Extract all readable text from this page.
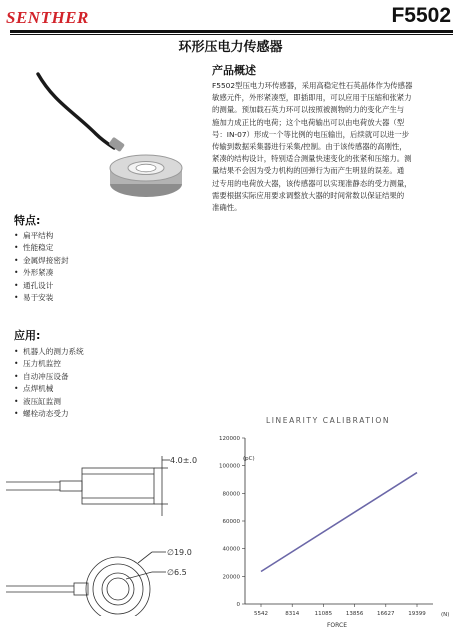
SENTHER	F5502
环形压电力传感器
产品概述
F5502型压电力环传感器，采用高稳定性石英晶体作为传感器
敏感元件，外形紧凑型，即插即用，可以应用于压缩和张紧力
的测量。预加载石英力环可以按照被测物的力的变化产生与
施加力成正比的电荷；这个电荷输出可以由电荷放大器（型
号：IN-07）形成一个等比例的电压输出，后续就可以进一步
传输到数据采集器进行采集/控制。由于该传感器的高刚性，
紧凑的结构设计，特别适合测量快速变化的张紧和压缩力。测
量结果不会因为受力机构的回弹行为而产生明显的误差。通
过专用的电荷放大器，该传感器可以实现准静态的受力测量，
需要根据实际应用要求调整放大器的时间常数以保证结果的
准确性。
特点:
• 扁平结构
• 性能稳定
• 金属焊接密封
• 外形紧凑
• 通孔设计
• 易于安装
应用:
• 机器人的测力系统
• 压力机监控
• 自动冲压设备
• 点焊机械
• 液压缸监测
• 螺栓动态受力
4.0±.0
∅19.0
∅6.5
LINEARITY CALIBRATION
0
20000
40000
60000
80000
100000
120000
5542	8314	11085 13856 16627 19399
(pC)
FORCE
(N)
